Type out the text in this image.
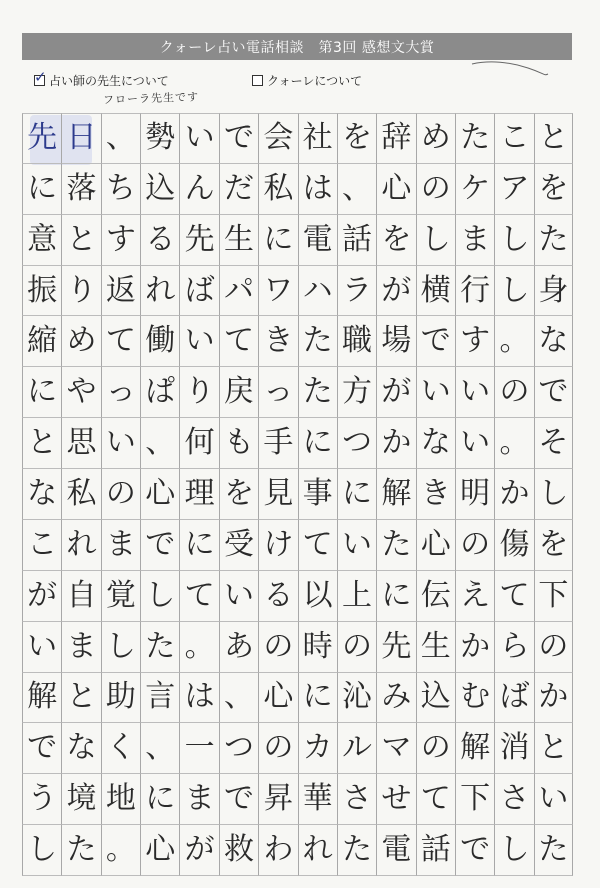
クォーレ占い電話相談　第3回 感想文大賞
✓ 占い師の先生について	クォーレについて
フローラ先生です
先 日 、 勢 い で 会 社 を 辞 め た こ と
に 落 ち 込 ん だ 私 は 、 心 の ケ ア を
意 と す る 先 生 に 電 話 を し ま し た
振 り 返 れ ば パ ワ ハ ラ が 横 行 し 身
縮 め て 働 い て き た 職 場 で す 。 な
に や っ ぱ り 戻 っ た 方 が い い の で
と 思 い 、 何 も 手 に つ か な い 。 そ
な 私 の 心 理 を 見 事 に 解 き 明 か し
こ れ ま で に 受 け て い た 心 の 傷 を
が 自 覚 し て い る 以 上 に 伝 え て 下
い ま し た 。 あ の 時 の 先 生 か ら の
解 と 助 言 は 、 心 に 沁 み 込 む ば か
で な く 、 一 つ の カ ル マ の 解 消 と
う 境 地 に ま で 昇 華 さ せ て 下 さ い
し た 。 心 が 救 わ れ た 電 話 で し た
